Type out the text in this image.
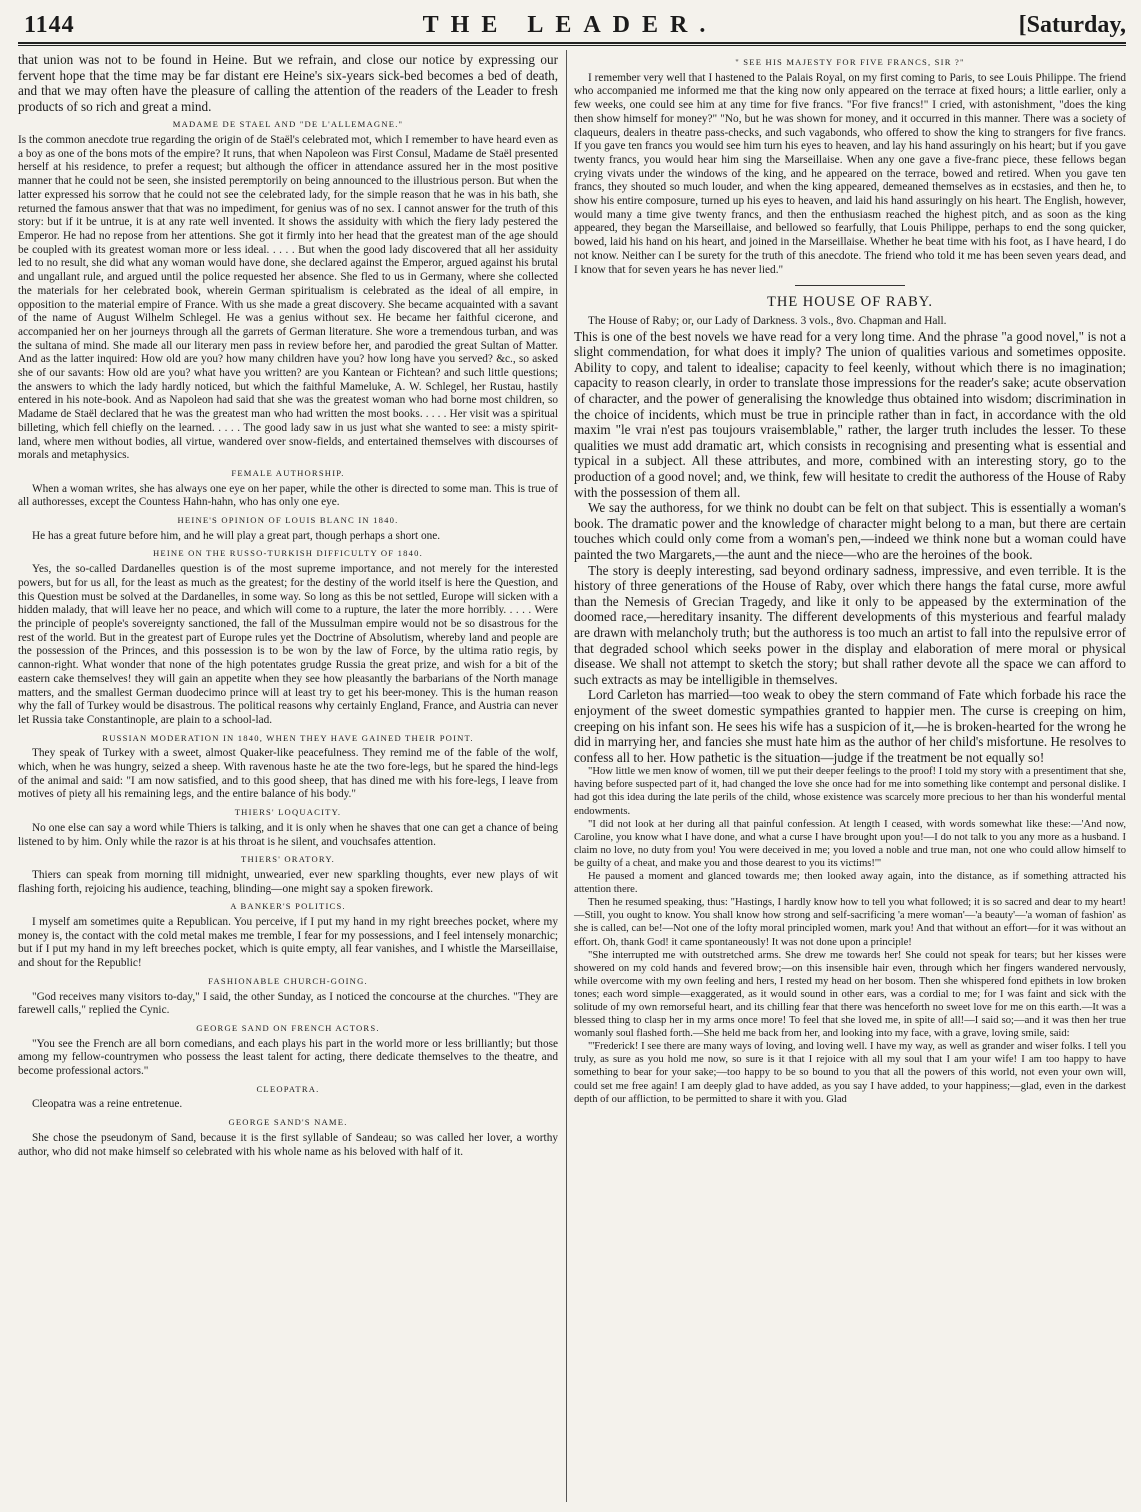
1144	THE LEADER.	[Saturday,

that union was not to be found in Heine. But we refrain, and close our notice by expressing our fervent hope that the time may be far distant ere Heine's six-years sick-bed becomes a bed of death, and that we may often have the pleasure of calling the attention of the readers of the Leader to fresh products of so rich and great a mind.

MADAME DE STAEL AND "DE L'ALLEMAGNE."

Is the common anecdote true regarding the origin of de Staël's celebrated mot, which I remember to have heard even as a boy as one of the bons mots of the empire? It runs, that when Napoleon was First Consul, Madame de Staël presented herself at his residence, to prefer a request; but although the officer in attendance assured her in the most positive manner that he could not be seen, she insisted peremptorily on being announced to the illustrious person. But when the latter expressed his sorrow that he could not see the celebrated lady, for the simple reason that he was in his bath, she returned the famous answer that that was no impediment, for genius was of no sex. I cannot answer for the truth of this story: but if it be untrue, it is at any rate well invented. It shows the assiduity with which the fiery lady pestered the Emperor. He had no repose from her attentions. She got it firmly into her head that the greatest man of the age should be coupled with its greatest woman more or less ideal. . . . . But when the good lady discovered that all her assiduity led to no result, she did what any woman would have done, she declared against the Emperor, argued against his brutal and ungallant rule, and argued until the police requested her absence. She fled to us in Germany, where she collected the materials for her celebrated book, wherein German spiritualism is celebrated as the ideal of all empire, in opposition to the material empire of France. With us she made a great discovery. She became acquainted with a savant of the name of August Wilhelm Schlegel. He was a genius without sex. He became her faithful cicerone, and accompanied her on her journeys through all the garrets of German literature. She wore a tremendous turban, and was the sultana of mind. She made all our literary men pass in review before her, and parodied the great Sultan of Matter. And as the latter inquired: How old are you? how many children have you? how long have you served? &c., so asked she of our savants: How old are you? what have you written? are you Kantean or Fichtean? and such little questions; the answers to which the lady hardly noticed, but which the faithful Mameluke, A. W. Schlegel, her Rustau, hastily entered in his note-book. And as Napoleon had said that she was the greatest woman who had borne most children, so Madame de Staël declared that he was the greatest man who had written the most books. . . . . Her visit was a spiritual billeting, which fell chiefly on the learned. . . . . The good lady saw in us just what she wanted to see: a misty spirit-land, where men without bodies, all virtue, wandered over snow-fields, and entertained themselves with discourses of morals and metaphysics.

FEMALE AUTHORSHIP.

When a woman writes, she has always one eye on her paper, while the other is directed to some man. This is true of all authoresses, except the Countess Hahn-hahn, who has only one eye.

HEINE'S OPINION OF LOUIS BLANC IN 1840.

He has a great future before him, and he will play a great part, though perhaps a short one.

HEINE ON THE RUSSO-TURKISH DIFFICULTY OF 1840.

Yes, the so-called Dardanelles question is of the most supreme importance, and not merely for the interested powers, but for us all, for the least as much as the greatest; for the destiny of the world itself is here the Question, and this Question must be solved at the Dardanelles, in some way. So long as this be not settled, Europe will sicken with a hidden malady, that will leave her no peace, and which will come to a rupture, the later the more horribly. . . . . Were the principle of people's sovereignty sanctioned, the fall of the Mussulman empire would not be so disastrous for the rest of the world. But in the greatest part of Europe rules yet the Doctrine of Absolutism, whereby land and people are the possession of the Princes, and this possession is to be won by the law of Force, by the ultima ratio regis, by cannon-right. What wonder that none of the high potentates grudge Russia the great prize, and wish for a bit of the eastern cake themselves! they will gain an appetite when they see how pleasantly the barbarians of the North manage matters, and the smallest German duodecimo prince will at least try to get his beer-money. This is the human reason why the fall of Turkey would be disastrous. The political reasons why certainly England, France, and Austria can never let Russia take Constantinople, are plain to a school-lad.

RUSSIAN MODERATION IN 1840, WHEN THEY HAVE GAINED THEIR POINT.

They speak of Turkey with a sweet, almost Quaker-like peacefulness. They remind me of the fable of the wolf, which, when he was hungry, seized a sheep. With ravenous haste he ate the two fore-legs, but he spared the hind-legs of the animal and said: "I am now satisfied, and to this good sheep, that has dined me with his fore-legs, I leave from motives of piety all his remaining legs, and the entire balance of his body."

THIERS' LOQUACITY.

No one else can say a word while Thiers is talking, and it is only when he shaves that one can get a chance of being listened to by him. Only while the razor is at his throat is he silent, and vouchsafes attention.

THIERS' ORATORY.

Thiers can speak from morning till midnight, unwearied, ever new sparkling thoughts, ever new plays of wit flashing forth, rejoicing his audience, teaching, blinding—one might say a spoken firework.

A BANKER'S POLITICS.

I myself am sometimes quite a Republican. You perceive, if I put my hand in my right breeches pocket, where my money is, the contact with the cold metal makes me tremble, I fear for my possessions, and I feel intensely monarchic; but if I put my hand in my left breeches pocket, which is quite empty, all fear vanishes, and I whistle the Marseillaise, and shout for the Republic!

FASHIONABLE CHURCH-GOING.

"God receives many visitors to-day," I said, the other Sunday, as I noticed the concourse at the churches. "They are farewell calls," replied the Cynic.

GEORGE SAND ON FRENCH ACTORS.

"You see the French are all born comedians, and each plays his part in the world more or less brilliantly; but those among my fellow-countrymen who possess the least talent for acting, there dedicate themselves to the theatre, and become professional actors."

CLEOPATRA.

Cleopatra was a reine entretenue.

GEORGE SAND'S NAME.

She chose the pseudonym of Sand, because it is the first syllable of Sandeau; so was called her lover, a worthy author, who did not make himself so celebrated with his whole name as his beloved with half of it.

" SEE HIS MAJESTY FOR FIVE FRANCS, SIR ?"

I remember very well that I hastened to the Palais Royal, on my first coming to Paris, to see Louis Philippe. The friend who accompanied me informed me that the king now only appeared on the terrace at fixed hours; a little earlier, only a few weeks, one could see him at any time for five francs. "For five francs!" I cried, with astonishment, "does the king then show himself for money?" "No, but he was shown for money, and it occurred in this manner. There was a society of claqueurs, dealers in theatre pass-checks, and such vagabonds, who offered to show the king to strangers for five francs. If you gave ten francs you would see him turn his eyes to heaven, and lay his hand assuringly on his heart; but if you gave twenty francs, you would hear him sing the Marseillaise. When any one gave a five-franc piece, these fellows began crying vivats under the windows of the king, and he appeared on the terrace, bowed and retired. When you gave ten francs, they shouted so much louder, and when the king appeared, demeaned themselves as in ecstasies, and then he, to show his entire composure, turned up his eyes to heaven, and laid his hand assuringly on his heart. The English, however, would many a time give twenty francs, and then the enthusiasm reached the highest pitch, and as soon as the king appeared, they began the Marseillaise, and bellowed so fearfully, that Louis Philippe, perhaps to end the song quicker, bowed, laid his hand on his heart, and joined in the Marseillaise. Whether he beat time with his foot, as I have heard, I do not know. Neither can I be surety for the truth of this anecdote. The friend who told it me has been seven years dead, and I know that for seven years he has never lied."

THE HOUSE OF RABY.

The House of Raby; or, our Lady of Darkness. 3 vols., 8vo. Chapman and Hall.

This is one of the best novels we have read for a very long time. And the phrase "a good novel," is not a slight commendation, for what does it imply? The union of qualities various and sometimes opposite. Ability to copy, and talent to idealise; capacity to feel keenly, without which there is no imagination; capacity to reason clearly, in order to translate those impressions for the reader's sake; acute observation of character, and the power of generalising the knowledge thus obtained into wisdom; discrimination in the choice of incidents, which must be true in principle rather than in fact, in accordance with the old maxim "le vrai n'est pas toujours vraisemblable," rather, the larger truth includes the lesser. To these qualities we must add dramatic art, which consists in recognising and presenting what is essential and typical in a subject. All these attributes, and more, combined with an interesting story, go to the production of a good novel; and, we think, few will hesitate to credit the authoress of the House of Raby with the possession of them all.

We say the authoress, for we think no doubt can be felt on that subject. This is essentially a woman's book. The dramatic power and the knowledge of character might belong to a man, but there are certain touches which could only come from a woman's pen,—indeed we think none but a woman could have painted the two Margarets,—the aunt and the niece—who are the heroines of the book.

The story is deeply interesting, sad beyond ordinary sadness, impressive, and even terrible. It is the history of three generations of the House of Raby, over which there hangs the fatal curse, more awful than the Nemesis of Grecian Tragedy, and like it only to be appeased by the extermination of the doomed race,—hereditary insanity. The different developments of this mysterious and fearful malady are drawn with melancholy truth; but the authoress is too much an artist to fall into the repulsive error of that degraded school which seeks power in the display and elaboration of mere moral or physical disease. We shall not attempt to sketch the story; but shall rather devote all the space we can afford to such extracts as may be intelligible in themselves.

Lord Carleton has married—too weak to obey the stern command of Fate which forbade his race the enjoyment of the sweet domestic sympathies granted to happier men. The curse is creeping on him, creeping on his infant son. He sees his wife has a suspicion of it,—he is broken-hearted for the wrong he did in marrying her, and fancies she must hate him as the author of her child's misfortune. He resolves to confess all to her. How pathetic is the situation—judge if the treatment be not equally so!

"How little we men know of women, till we put their deeper feelings to the proof! I told my story with a presentiment that she, having before suspected part of it, had changed the love she once had for me into something like contempt and personal dislike. I had got this idea during the late perils of the child, whose existence was scarcely more precious to her than his wonderful mental endowments.

"I did not look at her during all that painful confession. At length I ceased, with words somewhat like these:—'And now, Caroline, you know what I have done, and what a curse I have brought upon you!—I do not talk to you any more as a husband. I claim no love, no duty from you! You were deceived in me; you loved a noble and true man, not one who could allow himself to be guilty of a cheat, and make you and those dearest to you its victims!'"

He paused a moment and glanced towards me; then looked away again, into the distance, as if something attracted his attention there.

Then he resumed speaking, thus: "Hastings, I hardly know how to tell you what followed; it is so sacred and dear to my heart!—Still, you ought to know. You shall know how strong and self-sacrificing 'a mere woman'—'a beauty'—'a woman of fashion' as she is called, can be!—Not one of the lofty moral principled women, mark you! And that without an effort—for it was without an effort. Oh, thank God! it came spontaneously! It was not done upon a principle!

"She interrupted me with outstretched arms. She drew me towards her! She could not speak for tears; but her kisses were showered on my cold hands and fevered brow;—on this insensible hair even, through which her fingers wandered nervously, while overcome with my own feeling and hers, I rested my head on her bosom. Then she whispered fond epithets in low broken tones; each word simple—exaggerated, as it would sound in other ears, was a cordial to me; for I was faint and sick with the solitude of my own remorseful heart, and its chilling fear that there was henceforth no sweet love for me on this earth.—It was a blessed thing to clasp her in my arms once more! To feel that she loved me, in spite of all!—I said so;—and it was then her true womanly soul flashed forth.—She held me back from her, and looking into my face, with a grave, loving smile, said:

"'Frederick! I see there are many ways of loving, and loving well. I have my way, as well as grander and wiser folks. I tell you truly, as sure as you hold me now, so sure is it that I rejoice with all my soul that I am your wife! I am too happy to have something to bear for your sake;—too happy to be so bound to you that all the powers of this world, not even your own will, could set me free again! I am deeply glad to have added, as you say I have added, to your happiness;—glad, even in the darkest depth of our affliction, to be permitted to share it with you. Glad
